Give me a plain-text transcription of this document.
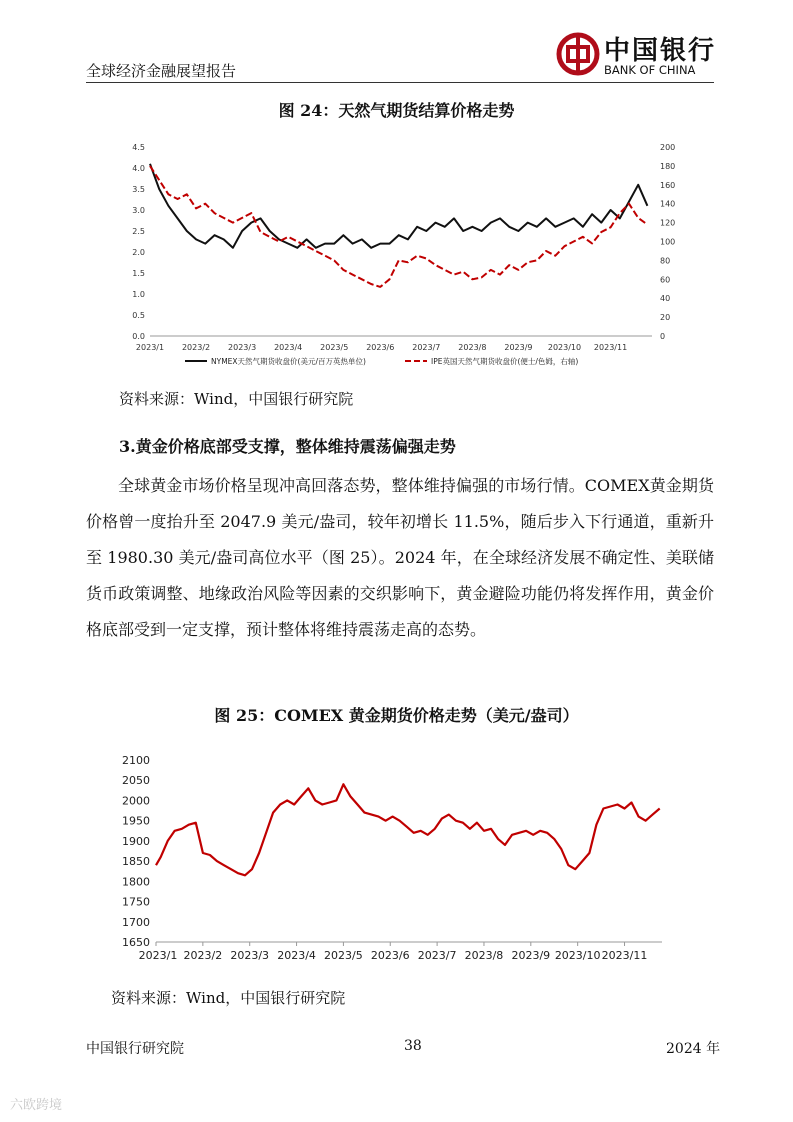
全球经济金融展望报告
中国银行
BANK OF CHINA
图 24：天然气期货结算价格走势
4.5
4.0
3.5
3.0
2.5
2.0
1.5
1.0
0.5
0.0
200
180
160
140
120
100
80
60
40
20
0
2023/1 2023/2 2023/3 2023/4 2023/5 2023/6 2023/7 2023/8 2023/9 2023/10 2023/11
NYMEX天然气期货收盘价(美元/百万英热单位)	IPE英国天然气期货收盘价(便士/色姆，右轴)
资料来源：Wind，中国银行研究院
3.黄金价格底部受支撑，整体维持震荡偏强走势
全球黄金市场价格呈现冲高回落态势，整体维持偏强的市场行情。COMEX黄金期货价格曾一度抬升至 2047.9 美元/盎司，较年初增长 11.5%，随后步入下行通道，重新升至 1980.30 美元/盎司高位水平（图 25）。2024 年，在全球经济发展不确定性、美联储货币政策调整、地缘政治风险等因素的交织影响下，黄金避险功能仍将发挥作用，黄金价格底部受到一定支撑，预计整体将维持震荡走高的态势。
图 25：COMEX 黄金期货价格走势（美元/盎司）
2100
2050
2000
1950
1900
1850
1800
1750
1700
1650
2023/1 2023/2 2023/3 2023/4 2023/5 2023/6 2023/7 2023/8 2023/9 2023/10 2023/11
资料来源：Wind，中国银行研究院
中国银行研究院	38	2024 年
六欧跨境
